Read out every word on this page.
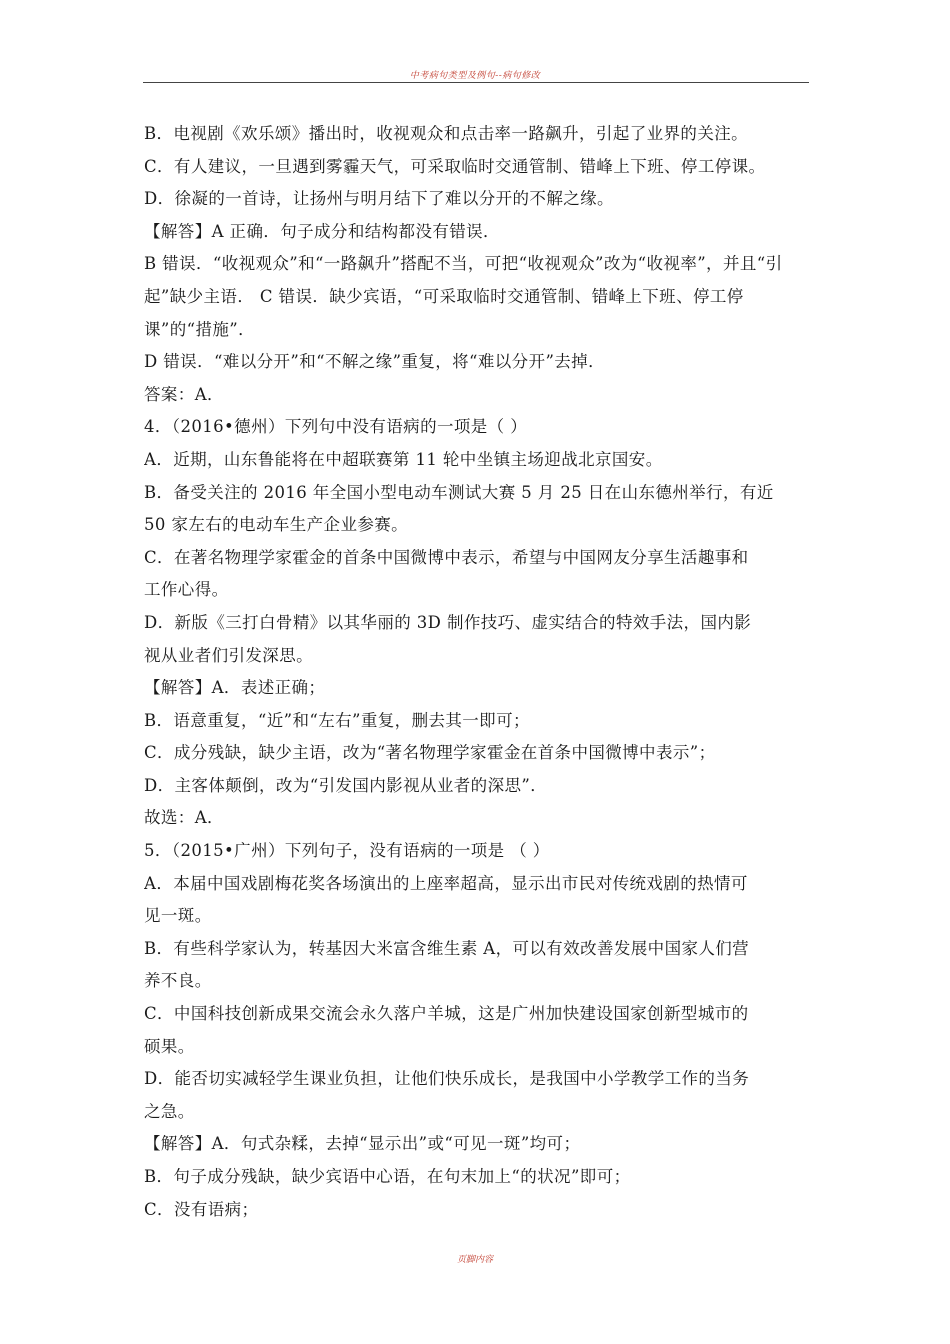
中考病句类型及例句--病句修改
B．电视剧《欢乐颂》播出时，收视观众和点击率一路飙升，引起了业界的关注。
C．有人建议，一旦遇到雾霾天气，可采取临时交通管制、错峰上下班、停工停课。
D．徐凝的一首诗，让扬州与明月结下了难以分开的不解之缘。
【解答】A 正确．句子成分和结构都没有错误．
B 错误．“收视观众”和“一路飙升”搭配不当，可把“收视观众”改为“收视率”，并且“引
起”缺少主语． C 错误．缺少宾语，“可采取临时交通管制、错峰上下班、停工停
课”的“措施”．
D 错误．“难以分开”和“不解之缘”重复，将“难以分开”去掉．
答案：A．
4．（2016•德州）下列句中没有语病的一项是（ ）
A．近期，山东鲁能将在中超联赛第 11 轮中坐镇主场迎战北京国安。
B．备受关注的 2016 年全国小型电动车测试大赛 5 月 25 日在山东德州举行，有近
50 家左右的电动车生产企业参赛。
C．在著名物理学家霍金的首条中国微博中表示，希望与中国网友分享生活趣事和
工作心得。
D．新版《三打白骨精》以其华丽的 3D 制作技巧、虚实结合的特效手法，国内影
视从业者们引发深思。
【解答】A．表述正确；
B．语意重复，“近”和“左右”重复，删去其一即可；
C．成分残缺，缺少主语，改为“著名物理学家霍金在首条中国微博中表示”；
D．主客体颠倒，改为“引发国内影视从业者的深思”．
故选：A．
5．（2015•广州）下列句子，没有语病的一项是 （ ）
A．本届中国戏剧梅花奖各场演出的上座率超高，显示出市民对传统戏剧的热情可
见一斑。
B．有些科学家认为，转基因大米富含维生素 A，可以有效改善发展中国家人们营
养不良。
C．中国科技创新成果交流会永久落户羊城，这是广州加快建设国家创新型城市的
硕果。
D．能否切实减轻学生课业负担，让他们快乐成长，是我国中小学教学工作的当务
之急。
【解答】A．句式杂糅，去掉“显示出”或“可见一斑”均可；
B．句子成分残缺，缺少宾语中心语，在句末加上“的状况”即可；
C．没有语病；
页脚内容
